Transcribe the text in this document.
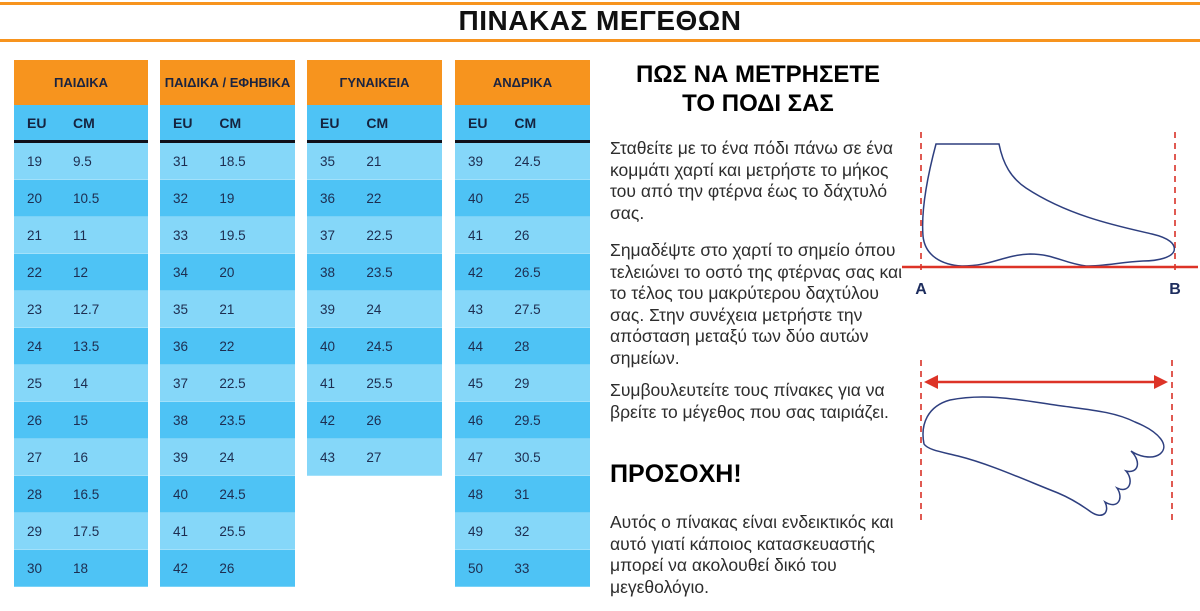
ΠΙΝΑΚΑΣ ΜΕΓΕΘΩΝ
ΠΑΙΔΙΚΑ
EU	CM
19	9.5
20	10.5
21	11
22	12
23	12.7
24	13.5
25	14
26	15
27	16
28	16.5
29	17.5
30	18
ΠΑΙΔΙΚΑ / ΕΦΗΒΙΚΑ
EU	CM
31	18.5
32	19
33	19.5
34	20
35	21
36	22
37	22.5
38	23.5
39	24
40	24.5
41	25.5
42	26
ΓΥΝΑΙΚΕΙΑ
EU	CM
35	21
36	22
37	22.5
38	23.5
39	24
40	24.5
41	25.5
42	26
43	27
ΑΝΔΡΙΚΑ
EU	CM
39	24.5
40	25
41	26
42	26.5
43	27.5
44	28
45	29
46	29.5
47	30.5
48	31
49	32
50	33
ΠΩΣ ΝΑ ΜΕΤΡΗΣΕΤΕ
ΤΟ ΠΟΔΙ ΣΑΣ
Σταθείτε με το ένα πόδι πάνω σε ένα κομμάτι χαρτί και μετρήστε το μήκος του από την φτέρνα έως το δάχτυλό σας.
Σημαδέψτε στο χαρτί το σημείο όπου τελειώνει το οστό της φτέρνας σας και το τέλος του μακρύτερου δαχτύλου σας. Στην συνέχεια μετρήστε την απόσταση μεταξύ των δύο αυτών σημείων.
Συμβουλευτείτε τους πίνακες για να βρείτε το μέγεθος που σας ταιριάζει.
ΠΡΟΣΟΧΗ!
Αυτός ο πίνακας είναι ενδεικτικός και αυτό γιατί κάποιος κατασκευαστής μπορεί να ακολουθεί δικό του μεγεθολόγιο.
A	B
